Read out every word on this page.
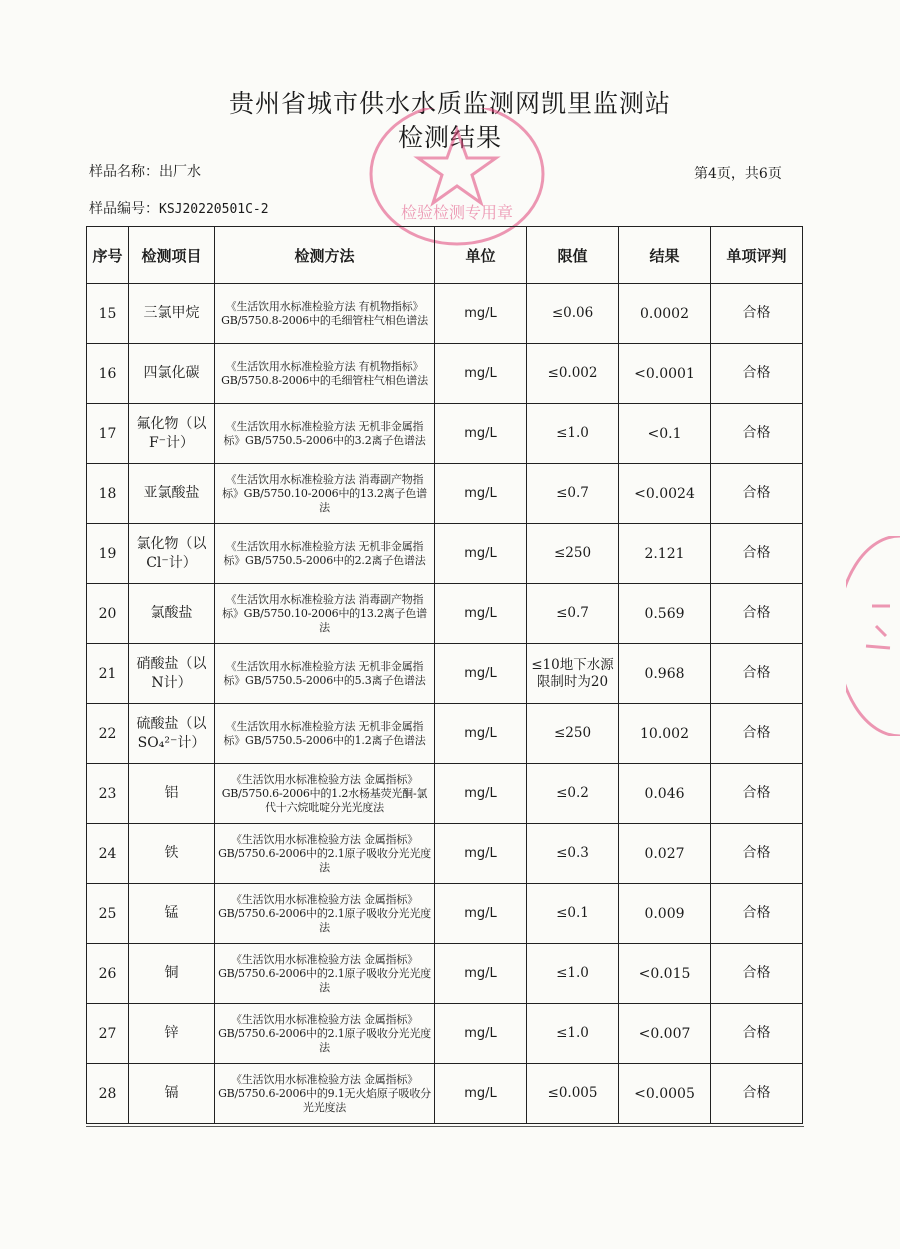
贵州省城市供水水质监测网凯里监测站
检测结果
检验检测专用章
样品名称：出厂水	第4页，共6页
样品编号：KSJ20220501C-2
序号	检测项目	检测方法	单位	限值	结果	单项评判
15	三氯甲烷	《生活饮用水标准检验方法 有机物指标》GB/5750.8-2006中的毛细管柱气相色谱法	mg/L	≤0.06	0.0002	合格
16	四氯化碳	《生活饮用水标准检验方法 有机物指标》GB/5750.8-2006中的毛细管柱气相色谱法	mg/L	≤0.002	<0.0001	合格
17	氟化物（以F⁻计）	《生活饮用水标准检验方法 无机非金属指标》GB/5750.5-2006中的3.2离子色谱法	mg/L	≤1.0	<0.1	合格
18	亚氯酸盐	《生活饮用水标准检验方法 消毒副产物指标》GB/5750.10-2006中的13.2离子色谱法	mg/L	≤0.7	<0.0024	合格
19	氯化物（以Cl⁻计）	《生活饮用水标准检验方法 无机非金属指标》GB/5750.5-2006中的2.2离子色谱法	mg/L	≤250	2.121	合格
20	氯酸盐	《生活饮用水标准检验方法 消毒副产物指标》GB/5750.10-2006中的13.2离子色谱法	mg/L	≤0.7	0.569	合格
21	硝酸盐（以N计）	《生活饮用水标准检验方法 无机非金属指标》GB/5750.5-2006中的5.3离子色谱法	mg/L	≤10地下水源限制时为20	0.968	合格
22	硫酸盐（以SO₄²⁻计）	《生活饮用水标准检验方法 无机非金属指标》GB/5750.5-2006中的1.2离子色谱法	mg/L	≤250	10.002	合格
23	铝	《生活饮用水标准检验方法 金属指标》GB/5750.6-2006中的1.2水杨基荧光酮-氯代十六烷吡啶分光光度法	mg/L	≤0.2	0.046	合格
24	铁	《生活饮用水标准检验方法 金属指标》GB/5750.6-2006中的2.1原子吸收分光光度法	mg/L	≤0.3	0.027	合格
25	锰	《生活饮用水标准检验方法 金属指标》GB/5750.6-2006中的2.1原子吸收分光光度法	mg/L	≤0.1	0.009	合格
26	铜	《生活饮用水标准检验方法 金属指标》GB/5750.6-2006中的2.1原子吸收分光光度法	mg/L	≤1.0	<0.015	合格
27	锌	《生活饮用水标准检验方法 金属指标》GB/5750.6-2006中的2.1原子吸收分光光度法	mg/L	≤1.0	<0.007	合格
28	镉	《生活饮用水标准检验方法 金属指标》GB/5750.6-2006中的9.1无火焰原子吸收分光光度法	mg/L	≤0.005	<0.0005	合格
